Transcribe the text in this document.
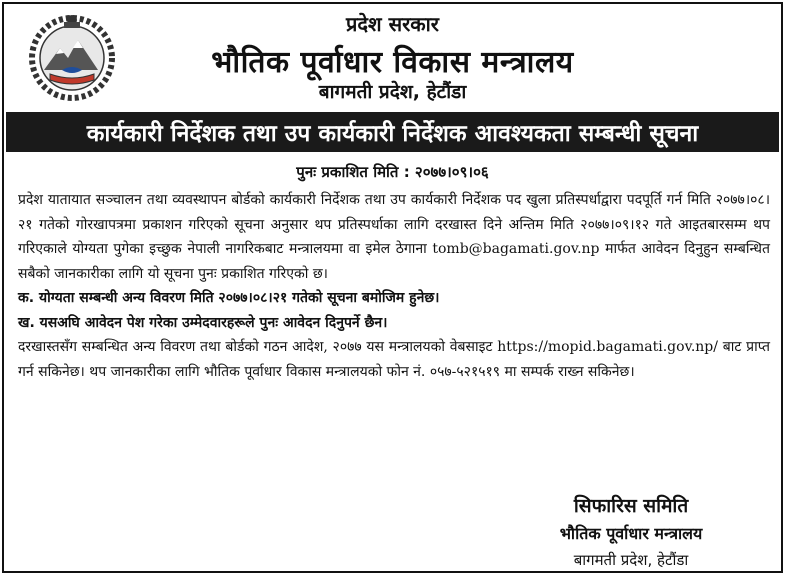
प्रदेश सरकार
भौतिक पूर्वाधार विकास मन्त्रालय
बागमती प्रदेश, हेटौंडा
कार्यकारी निर्देशक तथा उप कार्यकारी निर्देशक आवश्यकता सम्बन्धी सूचना
पुनः प्रकाशित मिति : २०७७।०९।०६

प्रदेश यातायात सञ्चालन तथा व्यवस्थापन बोर्डको कार्यकारी निर्देशक तथा उप कार्यकारी निर्देशक पद खुला प्रतिस्पर्धाद्वारा पदपूर्ति गर्न मिति २०७७।०८।२१ गतेको गोरखापत्रमा प्रकाशन गरिएको सूचना अनुसार थप प्रतिस्पर्धाका लागि दरखास्त दिने अन्तिम मिति २०७७।०९।१२ गते आइतबारसम्म थप गरिएकाले योग्यता पुगेका इच्छुक नेपाली नागरिकबाट मन्त्रालयमा वा इमेल ठेगाना tomb@bagamati.gov.np मार्फत आवेदन दिनुहुन सम्बन्धित सबैको जानकारीका लागि यो सूचना पुनः प्रकाशित गरिएको छ।

क. योग्यता सम्बन्धी अन्य विवरण मिति २०७७।०८।२१ गतेको सूचना बमोजिम हुनेछ।

ख. यसअघि आवेदन पेश गरेका उम्मेदवारहरूले पुनः आवेदन दिनुपर्ने छैन।

दरखास्तसँग सम्बन्धित अन्य विवरण तथा बोर्डको गठन आदेश, २०७७ यस मन्त्रालयको वेबसाइट https://mopid.bagamati.gov.np/ बाट प्राप्त गर्न सकिनेछ। थप जानकारीका लागि भौतिक पूर्वाधार विकास मन्त्रालयको फोन नं. ०५७-५२१५१९ मा सम्पर्क राख्न सकिनेछ।

सिफारिस समिति
भौतिक पूर्वाधार मन्त्रालय
बागमती प्रदेश, हेटौंडा
